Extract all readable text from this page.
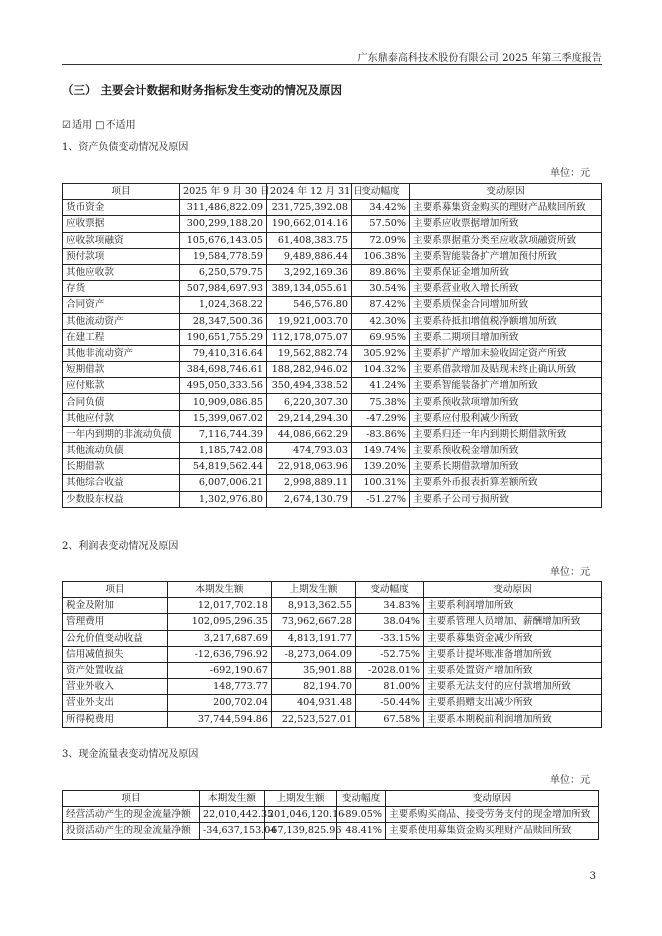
广东鼎泰高科技术股份有限公司 2025 年第三季度报告
（三） 主要会计数据和财务指标发生变动的情况及原因
☑适用 □不适用
1、资产负债变动情况及原因
单位：元
项目	2025 年 9 月 30 日	2024 年 12 月 31 日	变动幅度	变动原因
货币资金	311,486,822.09	231,725,392.08	34.42%	主要系募集资金购买的理财产品赎回所致
应收票据	300,299,188.20	190,662,014.16	57.50%	主要系应收票据增加所致
应收款项融资	105,676,143.05	61,408,383.75	72.09%	主要系票据重分类至应收款项融资所致
预付款项	19,584,778.59	9,489,886.44	106.38%	主要系智能装备扩产增加预付所致
其他应收款	6,250,579.75	3,292,169.36	89.86%	主要系保证金增加所致
存货	507,984,697.93	389,134,055.61	30.54%	主要系营业收入增长所致
合同资产	1,024,368.22	546,576.80	87.42%	主要系质保金合同增加所致
其他流动资产	28,347,500.36	19,921,003.70	42.30%	主要系待抵扣增值税净额增加所致
在建工程	190,651,755.29	112,178,075.07	69.95%	主要系二期项目增加所致
其他非流动资产	79,410,316.64	19,562,882.74	305.92%	主要系扩产增加未验收固定资产所致
短期借款	384,698,746.61	188,282,946.02	104.32%	主要系借款增加及贴现未终止确认所致
应付账款	495,050,333.56	350,494,338.52	41.24%	主要系智能装备扩产增加所致
合同负债	10,909,086.85	6,220,307.30	75.38%	主要系预收款项增加所致
其他应付款	15,399,067.02	29,214,294.30	-47.29%	主要系应付股利减少所致
一年内到期的非流动负债	7,116,744.39	44,086,662.29	-83.86%	主要系归还一年内到期长期借款所致
其他流动负债	1,185,742.08	474,793.03	149.74%	主要系预收税金增加所致
长期借款	54,819,562.44	22,918,063.96	139.20%	主要系长期借款增加所致
其他综合收益	6,007,006.21	2,998,889.11	100.31%	主要系外币报表折算差额所致
少数股东权益	1,302,976.80	2,674,130.79	-51.27%	主要系子公司亏损所致
2、利润表变动情况及原因
单位：元
项目	本期发生额	上期发生额	变动幅度	变动原因
税金及附加	12,017,702.18	8,913,362.55	34.83%	主要系利润增加所致
管理费用	102,095,296.35	73,962,667.28	38.04%	主要系管理人员增加、薪酬增加所致
公允价值变动收益	3,217,687.69	4,813,191.77	-33.15%	主要系募集资金减少所致
信用减值损失	-12,636,796.92	-8,273,064.09	-52.75%	主要系计提坏账准备增加所致
资产处置收益	-692,190.67	35,901.88	-2028.01%	主要系处置资产增加所致
营业外收入	148,773.77	82,194.70	81.00%	主要系无法支付的应付款增加所致
营业外支出	200,702.04	404,931.48	-50.44%	主要系捐赠支出减少所致
所得税费用	37,744,594.86	22,523,527.01	67.58%	主要系本期税前利润增加所致
3、现金流量表变动情况及原因
单位：元
项目	本期发生额	上期发生额	变动幅度	变动原因
经营活动产生的现金流量净额	22,010,442.35	201,046,120.16	-89.05%	主要系购买商品、接受劳务支付的现金增加所致
投资活动产生的现金流量净额	-34,637,153.04	-67,139,825.96	48.41%	主要系使用募集资金购买理财产品赎回所致
3
